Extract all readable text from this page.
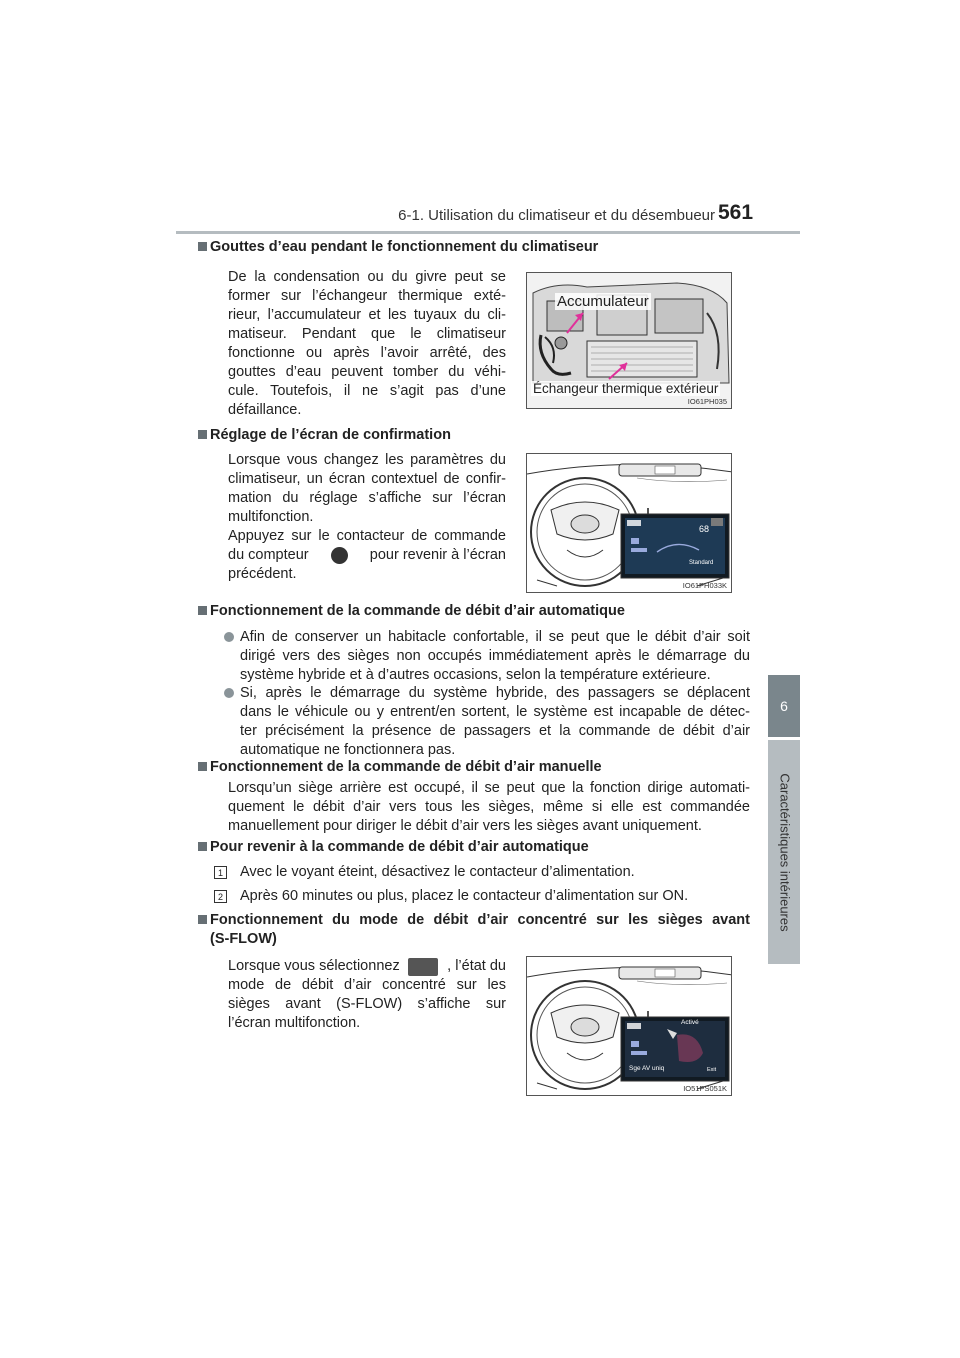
6-1. Utilisation du climatiseur et du désembueur 561
6
Caractéristiques intérieures
Gouttes d’eau pendant le fonctionnement du climatiseur
De la condensation ou du givre peut se
former sur l’échangeur thermique exté-
rieur, l’accumulateur et les tuyaux du cli-
matiseur. Pendant que le climatiseur
fonctionne ou après l’avoir arrêté, des
gouttes d’eau peuvent tomber du véhi-
cule. Toutefois, il ne s’agit pas d’une
défaillance.
Accumulateur
Échangeur thermique extérieur
IO61PH035
Réglage de l’écran de confirmation
Lorsque vous changez les paramètres du
climatiseur, un écran contextuel de confir-
mation du réglage s’affiche sur l’écran
multifonction.
Appuyez sur le contacteur de commande
du compteur	pour revenir à l’écran
précédent.
68
Standard
IO61PH033K
Fonctionnement de la commande de débit d’air automatique
Afin de conserver un habitacle confortable, il se peut que le débit d’air soit
dirigé vers des sièges non occupés immédiatement après le démarrage du
système hybride et à d’autres occasions, selon la température extérieure.
Si, après le démarrage du système hybride, des passagers se déplacent
dans le véhicule ou y entrent/en sortent, le système est incapable de détec-
ter précisément la présence de passagers et la commande de débit d’air
automatique ne fonctionnera pas.
Fonctionnement de la commande de débit d’air manuelle
Lorsqu’un siège arrière est occupé, il se peut que la fonction dirige automati-
quement le débit d’air vers tous les sièges, même si elle est commandée
manuellement pour diriger le débit d’air vers les sièges avant uniquement.
Pour revenir à la commande de débit d’air automatique
1 Avec le voyant éteint, désactivez le contacteur d’alimentation.
2 Après 60 minutes ou plus, placez le contacteur d’alimentation sur ON.
Fonctionnement du mode de débit d’air concentré sur les sièges avant
(S-FLOW)
Lorsque vous sélectionnez	, l’état du
mode de débit d’air concentré sur les
sièges avant (S-FLOW) s’affiche sur
l’écran multifonction.	Activé
Sge AV uniq	Exit
IO51PS051K
